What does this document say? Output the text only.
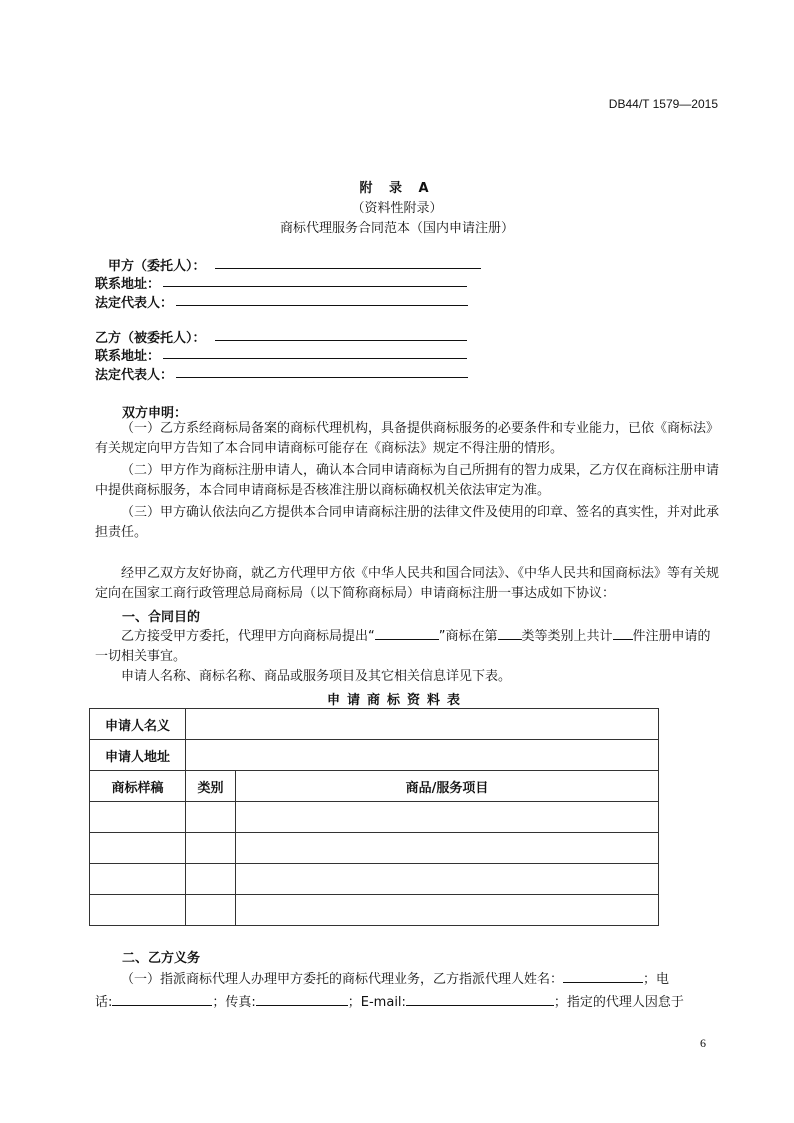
DB44/T 1579—2015
附 录 A
（资料性附录）
商标代理服务合同范本（国内申请注册）
甲方（委托人）：
联系地址：
法定代表人：
乙方（被委托人）：
联系地址：
法定代表人：
双方申明：
（一）乙方系经商标局备案的商标代理机构，具备提供商标服务的必要条件和专业能力，已依《商标法》有关规定向甲方告知了本合同申请商标可能存在《商标法》规定不得注册的情形。
（二）甲方作为商标注册申请人，确认本合同申请商标为自己所拥有的智力成果，乙方仅在商标注册申请中提供商标服务，本合同申请商标是否核准注册以商标确权机关依法审定为准。
（三）甲方确认依法向乙方提供本合同申请商标注册的法律文件及使用的印章、签名的真实性，并对此承担责任。
经甲乙双方友好协商，就乙方代理甲方依《中华人民共和国合同法》、《中华人民共和国商标法》等有关规定向在国家工商行政管理总局商标局（以下简称商标局）申请商标注册一事达成如下协议：
一、合同目的
乙方接受甲方委托，代理甲方向商标局提出“	”商标在第 类等类别上共计 件注册申请的一切相关事宜。
申请人名称、商标名称、商品或服务项目及其它相关信息详见下表。
申请商标资料表
申请人名义		
申请人地址		
商标样稿	类别	商品/服务项目

二、乙方义务
（一）指派商标代理人办理甲方委托的商标代理业务，乙方指派代理人姓名：	；电
话:	；传真:	；E-mail:	；指定的代理人因怠于
6
